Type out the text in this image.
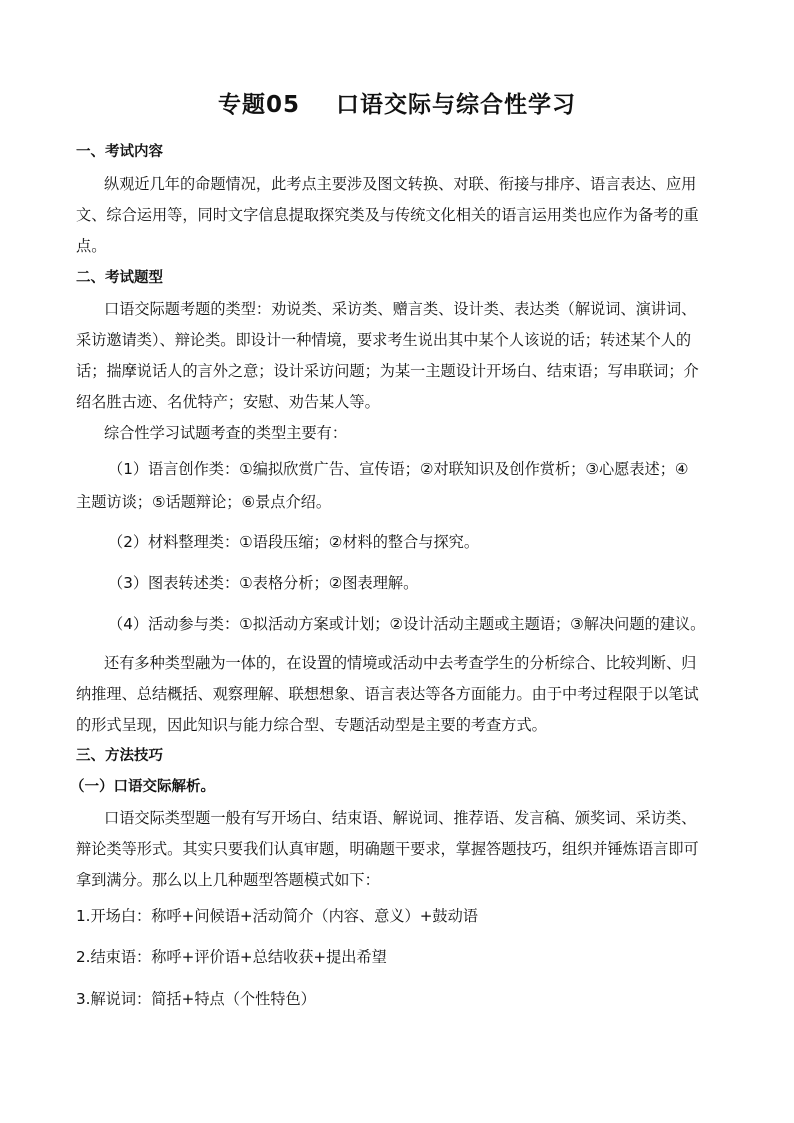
专题05    口语交际与综合性学习
一、考试内容
纵观近几年的命题情况，此考点主要涉及图文转换、对联、衔接与排序、语言表达、应用
文、综合运用等，同时文字信息提取探究类及与传统文化相关的语言运用类也应作为备考的重
点。
二、考试题型
口语交际题考题的类型：劝说类、采访类、赠言类、设计类、表达类（解说词、演讲词、
采访邀请类）、辩论类。即设计一种情境，要求考生说出其中某个人该说的话；转述某个人的
话；揣摩说话人的言外之意；设计采访问题；为某一主题设计开场白、结束语；写串联词；介
绍名胜古迹、名优特产；安慰、劝告某人等。
综合性学习试题考查的类型主要有：
（1）语言创作类：①编拟欣赏广告、宣传语；②对联知识及创作赏析；③心愿表述；④
主题访谈；⑤话题辩论；⑥景点介绍。
（2）材料整理类：①语段压缩；②材料的整合与探究。
（3）图表转述类：①表格分析；②图表理解。
（4）活动参与类：①拟活动方案或计划；②设计活动主题或主题语；③解决问题的建议。
还有多种类型融为一体的，在设置的情境或活动中去考查学生的分析综合、比较判断、归
纳推理、总结概括、观察理解、联想想象、语言表达等各方面能力。由于中考过程限于以笔试
的形式呈现，因此知识与能力综合型、专题活动型是主要的考查方式。
三、方法技巧
（一）口语交际解析。
口语交际类型题一般有写开场白、结束语、解说词、推荐语、发言稿、颁奖词、采访类、
辩论类等形式。其实只要我们认真审题，明确题干要求，掌握答题技巧，组织并锤炼语言即可
拿到满分。那么以上几种题型答题模式如下：
1.开场白：称呼+问候语+活动简介（内容、意义）+鼓动语
2.结束语：称呼+评价语+总结收获+提出希望
3.解说词：简括+特点（个性特色）
